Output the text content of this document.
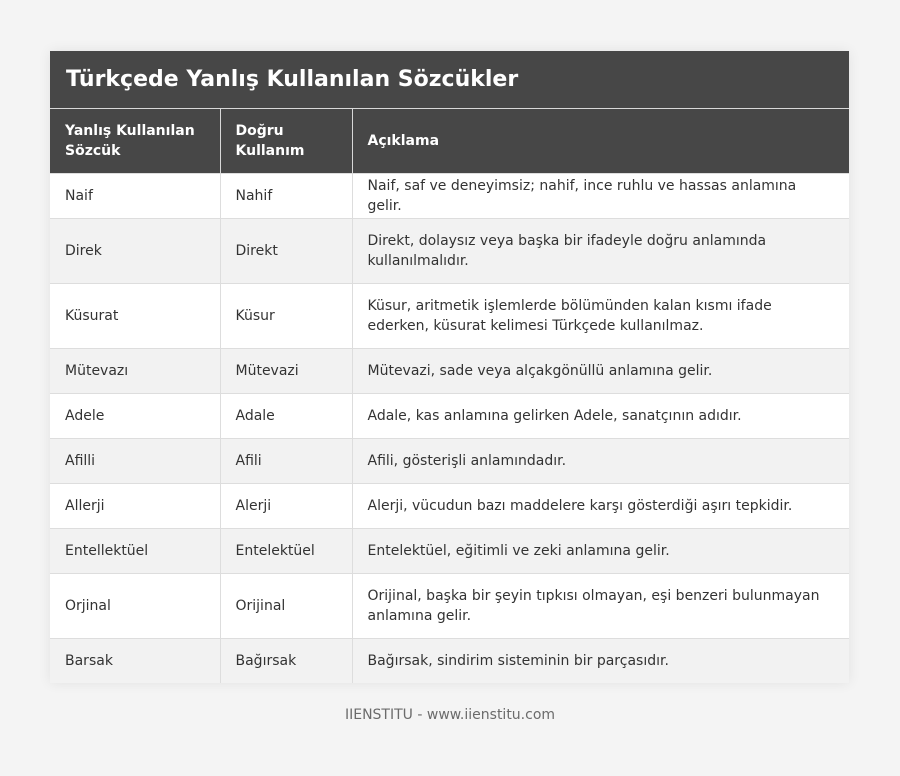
Türkçede Yanlış Kullanılan Sözcükler
Yanlış Kullanılan Sözcük	Doğru Kullanım	Açıklama
Naif	Nahif	Naif, saf ve deneyimsiz; nahif, ince ruhlu ve hassas anlamına gelir.
Direk	Direkt	Direkt, dolaysız veya başka bir ifadeyle doğru anlamında kullanılmalıdır.
Küsurat	Küsur	Küsur, aritmetik işlemlerde bölümünden kalan kısmı ifade ederken, küsurat kelimesi Türkçede kullanılmaz.
Mütevazı	Mütevazi	Mütevazi, sade veya alçakgönüllü anlamına gelir.
Adele	Adale	Adale, kas anlamına gelirken Adele, sanatçının adıdır.
Afilli	Afili	Afili, gösterişli anlamındadır.
Allerji	Alerji	Alerji, vücudun bazı maddelere karşı gösterdiği aşırı tepkidir.
Entellektüel	Entelektüel	Entelektüel, eğitimli ve zeki anlamına gelir.
Orjinal	Orijinal	Orijinal, başka bir şeyin tıpkısı olmayan, eşi benzeri bulunmayan anlamına gelir.
Barsak	Bağırsak	Bağırsak, sindirim sisteminin bir parçasıdır.
IIENSTITU - www.iienstitu.com
